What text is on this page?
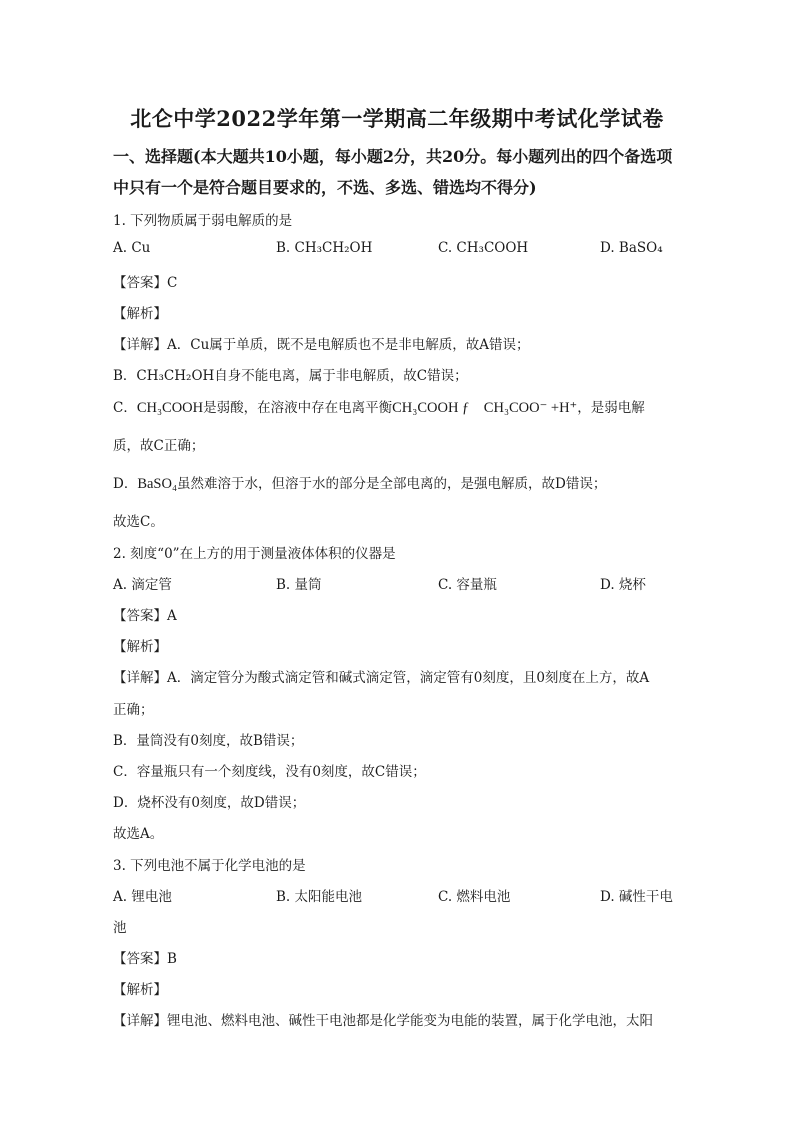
北仑中学2022学年第一学期高二年级期中考试化学试卷
一、选择题(本大题共10小题，每小题2分，共20分。每小题列出的四个备选项
中只有一个是符合题目要求的，不选、多选、错选均不得分)
1. 下列物质属于弱电解质的是
A. Cu	B. CH₃CH₂OH	C. CH₃COOH	D. BaSO₄
【答案】C
【解析】
【详解】A．Cu属于单质，既不是电解质也不是非电解质，故A错误；
B．CH₃CH₂OH自身不能电离，属于非电解质，故C错误；
C．CH₃COOH是弱酸，在溶液中存在电离平衡CH₃COOH ƒ　CH₃COO⁻ +H⁺，是弱电解
质，故C正确；
D．BaSO₄虽然难溶于水，但溶于水的部分是全部电离的，是强电解质，故D错误；
故选C。
2. 刻度“0”在上方的用于测量液体体积的仪器是
A. 滴定管	B. 量筒	C. 容量瓶	D. 烧杯
【答案】A
【解析】
【详解】A．滴定管分为酸式滴定管和碱式滴定管，滴定管有0刻度，且0刻度在上方，故A
正确；
B．量筒没有0刻度，故B错误；
C．容量瓶只有一个刻度线，没有0刻度，故C错误；
D．烧杯没有0刻度，故D错误；
故选A。
3. 下列电池不属于化学电池的是
A. 锂电池	B. 太阳能电池	C. 燃料电池	D. 碱性干电
池
【答案】B
【解析】
【详解】锂电池、燃料电池、碱性干电池都是化学能变为电能的装置，属于化学电池，太阳
